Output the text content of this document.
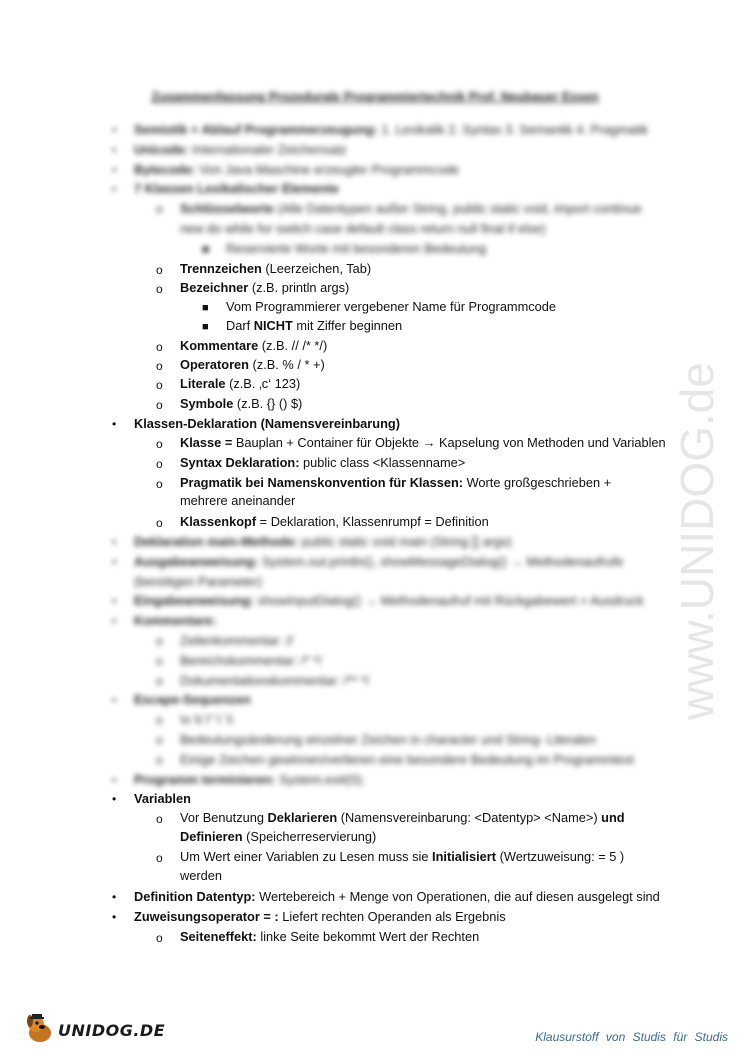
Zusammenfassung Prozedurale Programmiertechnik Prof. Neubauer Essen
• Semiotik + Ablauf Programmerzeugung: 1. Lexikalik 2. Syntax 3. Semantik 4. Pragmatik
• Unicode: Internationaler Zeichensatz
• Bytecode: Von Java Maschine erzeugter Programmcode
• 7 Klassen Lexikalischer Elemente
o Schlüsselworte (Alle Datentypen außer String, public static void, import continue
new do while for switch case default class return null final if else)
■ Reservierte Worte mit besonderen Bedeutung
o Trennzeichen (Leerzeichen, Tab)
o Bezeichner (z.B. println args)
■ Vom Programmierer vergebener Name für Programmcode
■ Darf NICHT mit Ziffer beginnen
o Kommentare (z.B. // /* */)
o Operatoren (z.B. % / * +)
o Literale (z.B. ‚c‘ 123)
o Symbole (z.B. {} () $)
• Klassen-Deklaration (Namensvereinbarung)
o Klasse = Bauplan + Container für Objekte → Kapselung von Methoden und Variablen
o Syntax Deklaration: public class <Klassenname>
o Pragmatik bei Namenskonvention für Klassen: Worte großgeschrieben + mehrere aneinander
o Klassenkopf = Deklaration, Klassenrumpf = Definition
• Deklaration main-Methode: public static void main (String [] args)
• Ausgabeanweisung: System.out.println(), showMessageDialog() → Methodenaufrufe
(benötigen Parameter)
• Eingabeanweisung: showInputDialog() → Methodenaufruf mit Rückgabewert = Ausdruck
• Kommentare:
o Zeilenkommentar: //
o Bereichskommentar: /* */
o Dokumentationskommentar: /** */
• Escape-Sequenzen
o \n \t \" \' \\
o Bedeutungsänderung einzelner Zeichen in character und String- Literalen
o Einige Zeichen gewinnen/verlieren eine besondere Bedeutung im Programmtext
• Programm terminieren: System.exit(0);
• Variablen
o Vor Benutzung Deklarieren (Namensvereinbarung: <Datentyp> <Name>) und
Definieren (Speicherreservierung)
o Um Wert einer Variablen zu Lesen muss sie Initialisiert (Wertzuweisung: = 5 )
werden
• Definition Datentyp: Wertebereich + Menge von Operationen, die auf diesen ausgelegt sind
• Zuweisungsoperator = : Liefert rechten Operanden als Ergebnis
o Seiteneffekt: linke Seite bekommt Wert der Rechten
www.UNIDOG.de
UNIDOG.DE	Klausurstoff von Studis für Studis
